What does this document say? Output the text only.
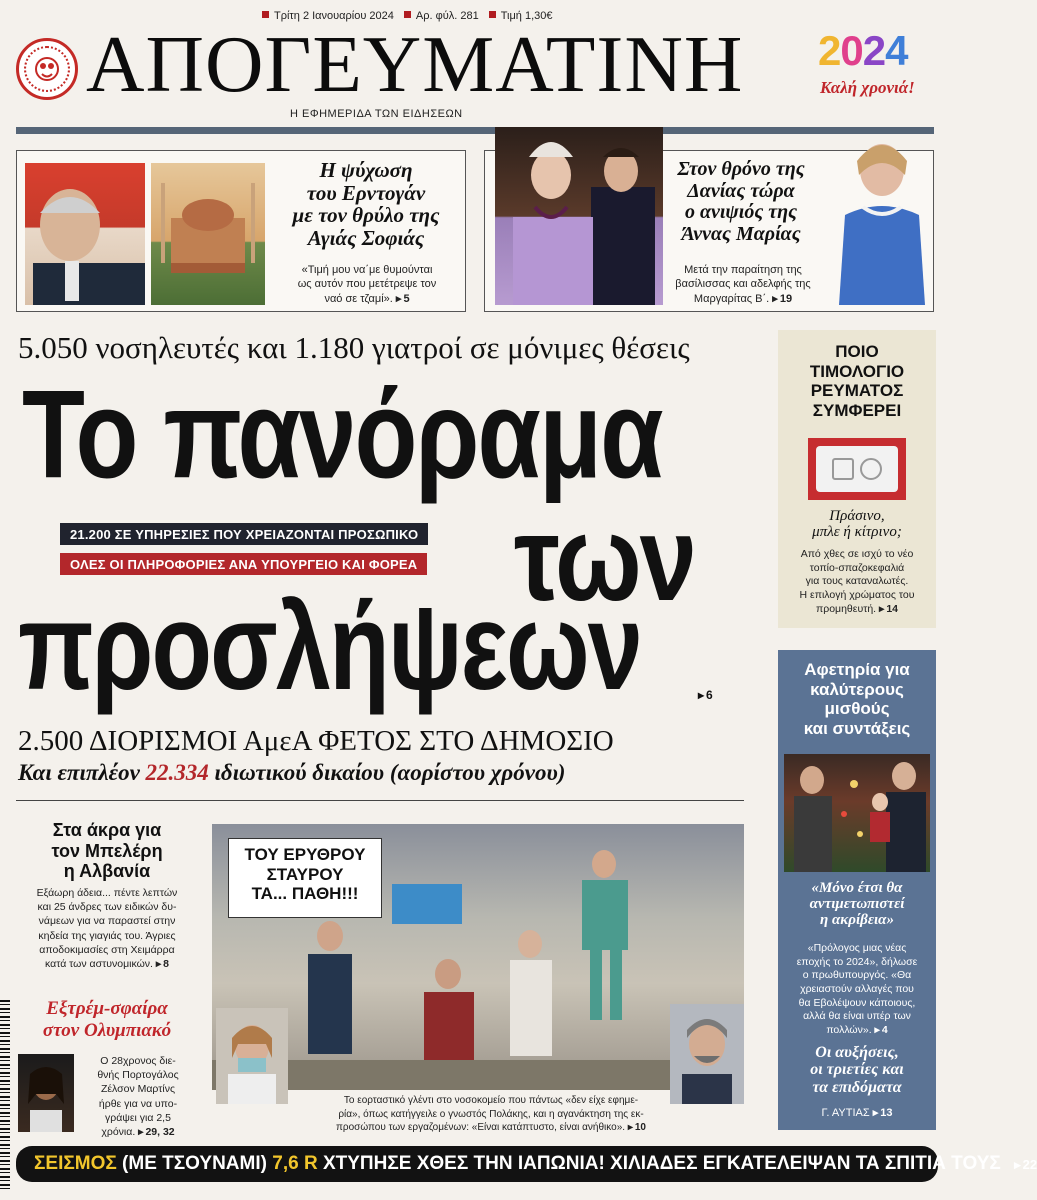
Τρίτη 2 Ιανουαρίου 2024	Αρ. φύλ. 281	Τιμή 1,30€
ΑΠΟΓΕΥΜΑΤΙΝΗ
Η ΕΦΗΜΕΡΙΔΑ ΤΩΝ ΕΙΔΗΣΕΩΝ
2024
Καλή χρονιά!
Η ψύχωση
του Ερντογάν
με τον θρύλο της
Αγιάς Σοφιάς
«Τιμή μου να΄με θυμούνται
ως αυτόν που μετέτρεψε τον
ναό σε τζαμί». ▸ 5
Στον θρόνο της
Δανίας τώρα
ο ανιψιός της
Άννας Μαρίας
Μετά την παραίτηση της
βασίλισσας και αδελφής της
Μαργαρίτας Β΄. ▸ 19
5.050 νοσηλευτές και 1.180 γιατροί σε μόνιμες θέσεις
Το πανόραμα
των
προσλήψεων	▸ 6
21.200 ΣΕ ΥΠΗΡΕΣΙΕΣ ΠΟΥ ΧΡΕΙΑΖΟΝΤΑΙ ΠΡΟΣΩΠΙΚΟ
ΟΛΕΣ ΟΙ ΠΛΗΡΟΦΟΡΙΕΣ ΑΝΑ ΥΠΟΥΡΓΕΙΟ ΚΑΙ ΦΟΡΕΑ
2.500 ΔΙΟΡΙΣΜΟΙ ΑμεΑ ΦΕΤΟΣ ΣΤΟ ΔΗΜΟΣΙΟ
Και επιπλέον 22.334 ιδιωτικού δικαίου (αορίστου χρόνου)
ΠΟΙΟ
ΤΙΜΟΛΟΓΙΟ
ΡΕΥΜΑΤΟΣ
ΣΥΜΦΕΡΕΙ
Πράσινο,
μπλε ή κίτρινο;
Από χθες σε ισχύ το νέο
τοπίο-σπαζοκεφαλιά
για τους καταναλωτές.
Η επιλογή χρώματος του
προμηθευτή. ▸ 14
Αφετηρία για
καλύτερους
μισθούς
και συντάξεις
«Μόνο έτσι θα
αντιμετωπιστεί
η ακρίβεια»
«Πρόλογος μιας νέας
εποχής το 2024», δήλωσε
ο πρωθυπουργός. «Θα
χρειαστούν αλλαγές που
θα Εβολέψουν κάποιους,
αλλά θα είναι υπέρ των
πολλών». ▸ 4
Οι αυξήσεις,
οι τριετίες και
τα επιδόματα
Γ. ΑΥΤΙΑΣ ▸ 13
Στα άκρα για
τον Μπελέρη
η Αλβανία
Εξάωρη άδεια... πέντε λεπτών
και 25 άνδρες των ειδικών δυ-
νάμεων για να παραστεί στην
κηδεία της γιαγιάς του. Άγριες
αποδοκιμασίες στη Χειμάρρα
κατά των αστυνομικών. ▸ 8
Εξτρέμ-σφαίρα
στον Ολυμπιακό
Ο 28χρονος διε-
θνής Πορτογάλος
Ζέλσον Μαρτίνς
ήρθε για να υπο-
γράψει για 2,5
χρόνια. ▸ 29, 32
ΤΟΥ ΕΡΥΘΡΟΥ
ΣΤΑΥΡΟΥ
ΤΑ... ΠΑΘΗ!!!
Το εορταστικό γλέντι στο νοσοκομείο που πάντως «δεν είχε εφημε-
ρία», όπως κατήγγειλε ο γνωστός Πολάκης, και η αγανάκτηση της εκ-
προσώπου των εργαζομένων: «Είναι κατάπτυστο, είναι ανήθικο». ▸ 10
ΣΕΙΣΜΟΣ (ΜΕ ΤΣΟΥΝΑΜΙ) 7,6 R ΧΤΥΠΗΣΕ ΧΘΕΣ ΤΗΝ ΙΑΠΩΝΙΑ! ΧΙΛΙΑΔΕΣ ΕΓΚΑΤΕΛΕΙΨΑΝ ΤΑ ΣΠΙΤΙΑ ΤΟΥΣ ▸ 22
